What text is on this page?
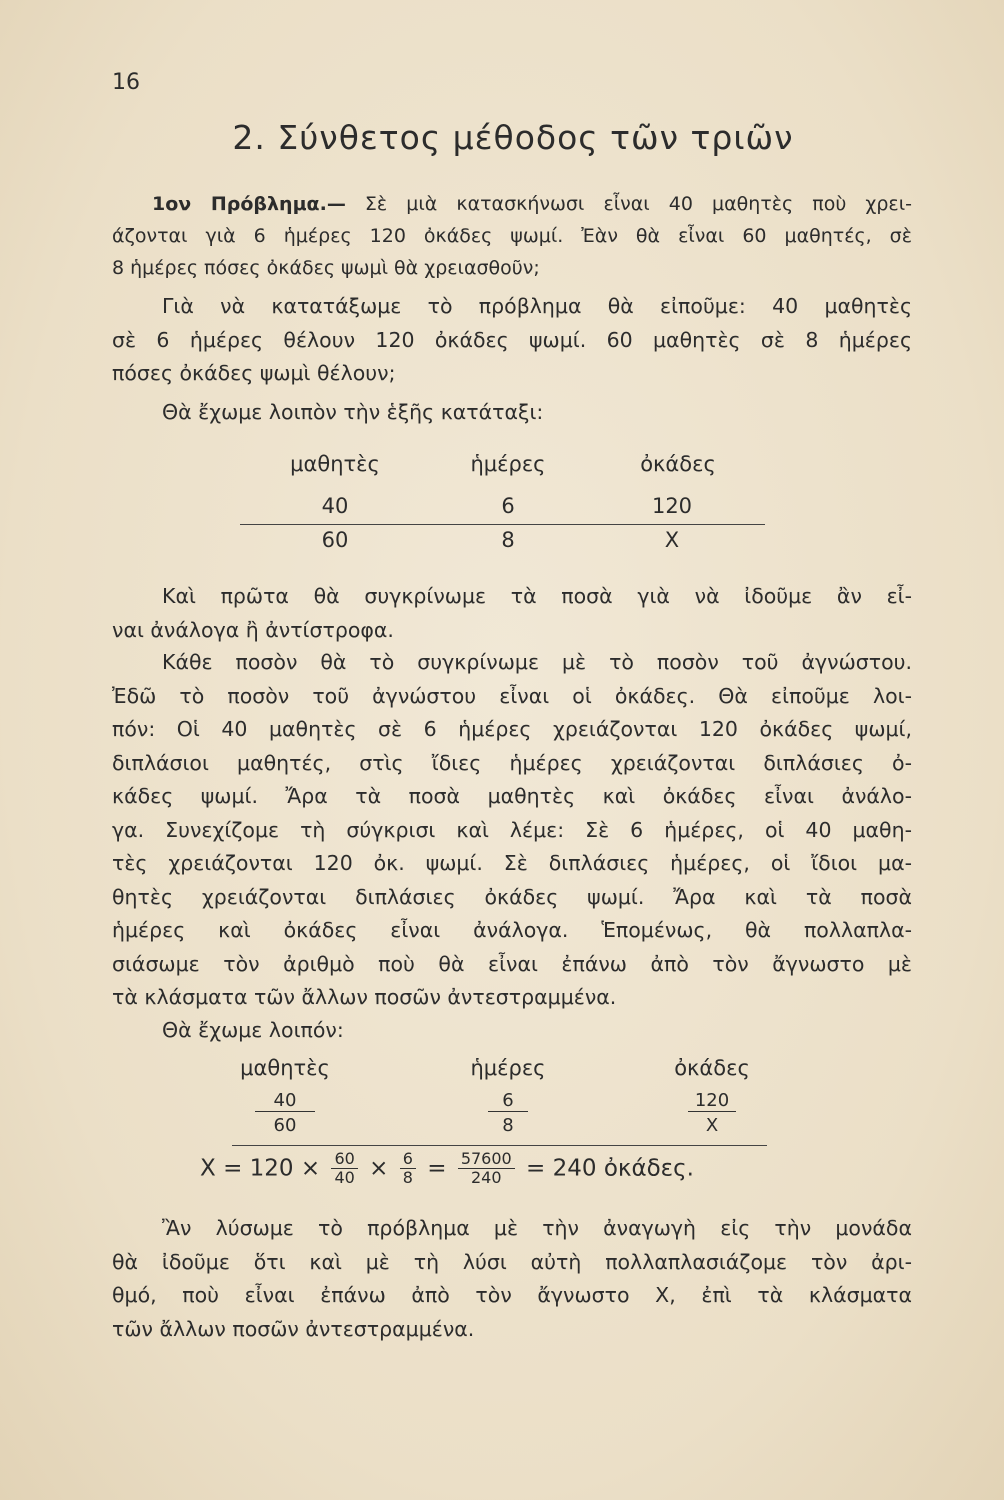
16
2. Σύνθετος μέθοδος τῶν τριῶν
1ον Πρόβλημα.— Σὲ μιὰ κατασκήνωσι εἶναι 40 μαθητὲς ποὺ χρει-
άζονται γιὰ 6 ἡμέρες 120 ὀκάδες ψωμί. Ἐὰν θὰ εἶναι 60 μαθητές, σὲ
8 ἡμέρες πόσες ὀκάδες ψωμὶ θὰ χρειασθοῦν;
Γιὰ νὰ κατατάξωμε τὸ πρόβλημα θὰ εἰποῦμε: 40 μαθητὲς
σὲ 6 ἡμέρες θέλουν 120 ὀκάδες ψωμί. 60 μαθητὲς σὲ 8 ἡμέρες
πόσες ὀκάδες ψωμὶ θέλουν;
Θὰ ἔχωμε λοιπὸν τὴν ἑξῆς κατάταξι:
μαθητὲς	ἡμέρες	ὀκάδες
40	6	120
60	8	X
Καὶ πρῶτα θὰ συγκρίνωμε τὰ ποσὰ γιὰ νὰ ἰδοῦμε ἂν εἶ-
ναι ἀνάλογα ἢ ἀντίστροφα.
Κάθε ποσὸν θὰ τὸ συγκρίνωμε μὲ τὸ ποσὸν τοῦ ἀγνώστου.
Ἐδῶ τὸ ποσὸν τοῦ ἀγνώστου εἶναι οἱ ὀκάδες. Θὰ εἰποῦμε λοι-
πόν: Οἱ 40 μαθητὲς σὲ 6 ἡμέρες χρειάζονται 120 ὀκάδες ψωμί,
διπλάσιοι μαθητές, στὶς ἴδιες ἡμέρες χρειάζονται διπλάσιες ὀ-
κάδες ψωμί. Ἄρα τὰ ποσὰ μαθητὲς καὶ ὀκάδες εἶναι ἀνάλο-
γα. Συνεχίζομε τὴ σύγκρισι καὶ λέμε: Σὲ 6 ἡμέρες, οἱ 40 μαθη-
τὲς χρειάζονται 120 ὀκ. ψωμί. Σὲ διπλάσιες ἡμέρες, οἱ ἴδιοι μα-
θητὲς χρειάζονται διπλάσιες ὀκάδες ψωμί. Ἄρα καὶ τὰ ποσὰ
ἡμέρες καὶ ὀκάδες εἶναι ἀνάλογα. Ἑπομένως, θὰ πολλαπλα-
σιάσωμε τὸν ἀριθμὸ ποὺ θὰ εἶναι ἐπάνω ἀπὸ τὸν ἄγνωστο μὲ
τὰ κλάσματα τῶν ἄλλων ποσῶν ἀντεστραμμένα.
Θὰ ἔχωμε λοιπόν:
μαθητὲς	ἡμέρες	ὀκάδες
40	6	120
60	8	X
$X = 120 \times \frac{60}{40} \times \frac{6}{8} = \frac{57600}{240} = 240$ ὀκάδες.
Ἂν λύσωμε τὸ πρόβλημα μὲ τὴν ἀναγωγὴ εἰς τὴν μονάδα
θὰ ἰδοῦμε ὅτι καὶ μὲ τὴ λύσι αὐτὴ πολλαπλασιάζομε τὸν ἀρι-
θμό, ποὺ εἶναι ἐπάνω ἀπὸ τὸν ἄγνωστο X, ἐπὶ τὰ κλάσματα
τῶν ἄλλων ποσῶν ἀντεστραμμένα.
